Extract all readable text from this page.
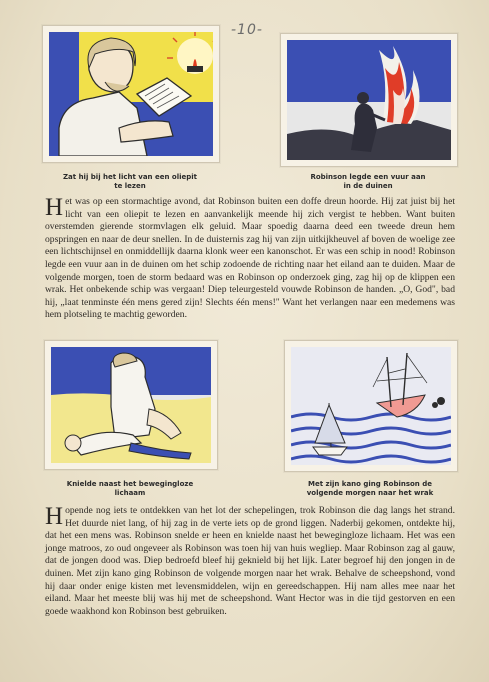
-10-
Zat hij bij het licht van een oliepit
te lezen
Robinson legde een vuur aan
in de duinen
Het was op een stormachtige avond, dat Robinson buiten een doffe dreun hoorde. Hij zat juist bij het licht van een oliepit te lezen en aanvankelijk meende hij zich vergist te hebben. Want buiten overstemden gierende stormvlagen elk geluid. Maar spoedig daarna deed een tweede dreun hem opspringen en naar de deur snellen. In de duisternis zag hij van zijn uitkijkheuvel af boven de woelige zee een lichtschijnsel en onmiddellijk daarna klonk weer een kanonschot. Er was een schip in nood! Robinson legde een vuur aan in de duinen om het schip zodoende de richting naar het eiland aan te duiden. Maar de volgende morgen, toen de storm bedaard was en Robinson op onderzoek ging, zag hij op de klippen een wrak. Het onbekende schip was vergaan! Diep teleurgesteld vouwde Robinson de handen. „O, God", bad hij, „laat tenminste één mens gered zijn! Slechts één mens!" Want het verlangen naar een medemens was hem plotseling te machtig geworden.
Knielde naast het bewegingloze
lichaam
Met zijn kano ging Robinson de
volgende morgen naar het wrak
Hopende nog iets te ontdekken van het lot der schepelingen, trok Robinson die dag langs het strand. Het duurde niet lang, of hij zag in de verte iets op de grond liggen. Naderbij gekomen, ontdekte hij, dat het een mens was. Robinson snelde er heen en knielde naast het bewegingloze lichaam. Het was een jonge matroos, zo oud ongeveer als Robinson was toen hij van huis wegliep. Maar Robinson zag al gauw, dat de jongen dood was. Diep bedroefd bleef hij geknield bij het lijk. Later begroef hij den jongen in de duinen. Met zijn kano ging Robinson de volgende morgen naar het wrak. Behalve de scheepshond, vond hij daar onder enige kisten met levensmiddelen, wijn en gereedschappen. Hij nam alles mee naar het eiland. Maar het meeste blij was hij met de scheepshond. Want Hector was in die tijd gestorven en een goede waakhond kon Robinson best gebruiken.
